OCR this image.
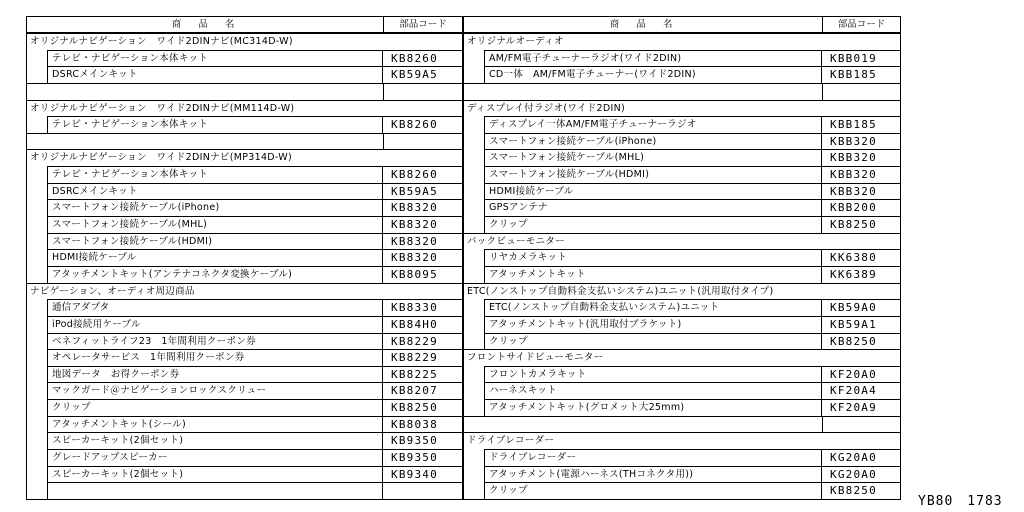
商　品　名	部品コード
オリジナルナビゲーション　ワイド2DINナビ(MC314D-W)
テレビ・ナビゲーション本体キット	KB8260
DSRCメインキット	KB59A5
オリジナルナビゲーション　ワイド2DINナビ(MM114D-W)
テレビ・ナビゲーション本体キット	KB8260
オリジナルナビゲーション　ワイド2DINナビ(MP314D-W)
テレビ・ナビゲーション本体キット	KB8260
DSRCメインキット	KB59A5
スマートフォン接続ケーブル(iPhone)	KB8320
スマートフォン接続ケーブル(MHL)	KB8320
スマートフォン接続ケーブル(HDMI)	KB8320
HDMI接続ケーブル	KB8320
アタッチメントキット(アンテナコネクタ変換ケーブル)	KB8095
ナビゲーション、オーディオ周辺商品
通信アダプタ	KB8330
iPod接続用ケーブル	KB84H0
ベネフィットライフ23　1年間利用クーポン券	KB8229
オペレータサービス　1年間利用クーポン券	KB8229
地図データ　お得クーポン券	KB8225
マックガード＠ナビゲーションロックスクリュー	KB8207
クリップ	KB8250
アタッチメントキット(シール)	KB8038
スピーカーキット(2個セット)	KB9350
グレードアップスピーカー	KB9350
スピーカーキット(2個セット)	KB9340
商　品　名	部品コード
オリジナルオーディオ
AM/FM電子チューナーラジオ(ワイド2DIN)	KBB019
CD一体　AM/FM電子チューナー(ワイド2DIN)	KBB185
ディスプレイ付ラジオ(ワイド2DIN)
ディスプレイ一体AM/FM電子チューナーラジオ	KBB185
スマートフォン接続ケーブル(iPhone)	KBB320
スマートフォン接続ケーブル(MHL)	KBB320
スマートフォン接続ケーブル(HDMI)	KBB320
HDMI接続ケーブル	KBB320
GPSアンテナ	KBB200
クリップ	KB8250
バックビューモニター
リヤカメラキット	KK6380
アタッチメントキット	KK6389
ETC(ノンストップ自動料金支払いシステム)ユニット(汎用取付タイプ)
ETC(ノンストップ自動料金支払いシステム)ユニット	KB59A0
アタッチメントキット(汎用取付ブラケット)	KB59A1
クリップ	KB8250
フロントサイドビューモニター
フロントカメラキット	KF20A0
ハーネスキット	KF20A4
アタッチメントキット(グロメット大25mm)	KF20A9
ドライブレコーダー
ドライブレコーダー	KG20A0
アタッチメント(電源ハーネス(THコネクタ用))	KG20A0
クリップ	KB8250
YB80　1783
